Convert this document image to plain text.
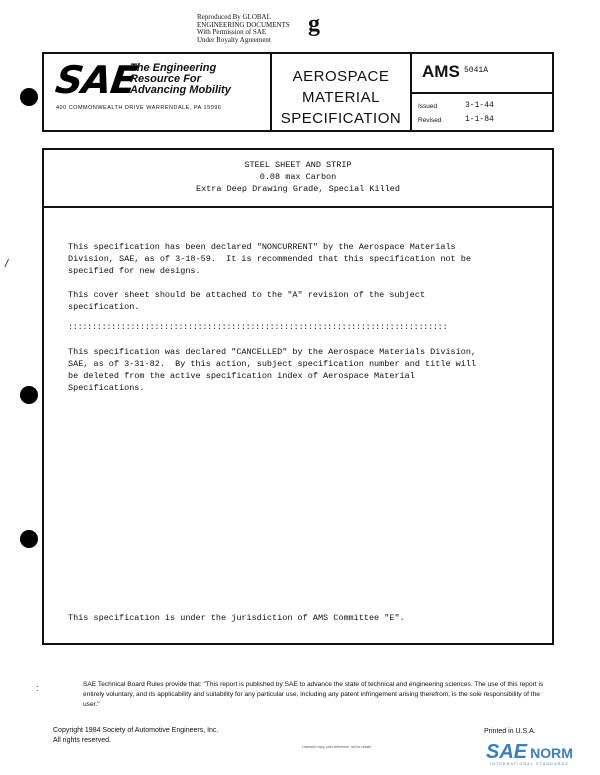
Reproduced By GLOBAL
ENGINEERING DOCUMENTS
With Permission of SAE
Under Royalty Agreement
g
/
:
SAE
The Engineering
Resource For
Advancing Mobility
400 COMMONWEALTH DRIVE WARRENDALE, PA 15096
AEROSPACE
MATERIAL
SPECIFICATION
AMS 5041A
Issued	3-1-44
Revised	1-1-84
STEEL SHEET AND STRIP
0.08 max Carbon
Extra Deep Drawing Grade, Special Killed
This specification has been declared "NONCURRENT" by the Aerospace Materials
Division, SAE, as of 3-18-59.  It is recommended that this specification not be
specified for new designs.
This cover sheet should be attached to the "A" revision of the subject
specification.
:::::::::::::::::::::::::::::::::::::::::::::::::::::::::::::::::::::::::::::::
This specification was declared "CANCELLED" by the Aerospace Materials Division,
SAE, as of 3-31-82.  By this action, subject specification number and title will
be deleted from the active specification index of Aerospace Material
Specifications.
This specification is under the jurisdiction of AMS Committee "E".
SAE Technical Board Rules provide that: "This report is published by SAE to advance the state of technical and engineering sciences. The use of this report is entirely voluntary, and its applicability and suitability for any particular use, including any patent infringement arising therefrom, is the sole responsibility of the user."
Copyright 1984 Society of Automotive Engineers, Inc.
All rights reserved.
Printed in U.S.A.
Licensee copy, user reference, not for resale	SAE NORM
INTERNATIONAL STANDARDS
